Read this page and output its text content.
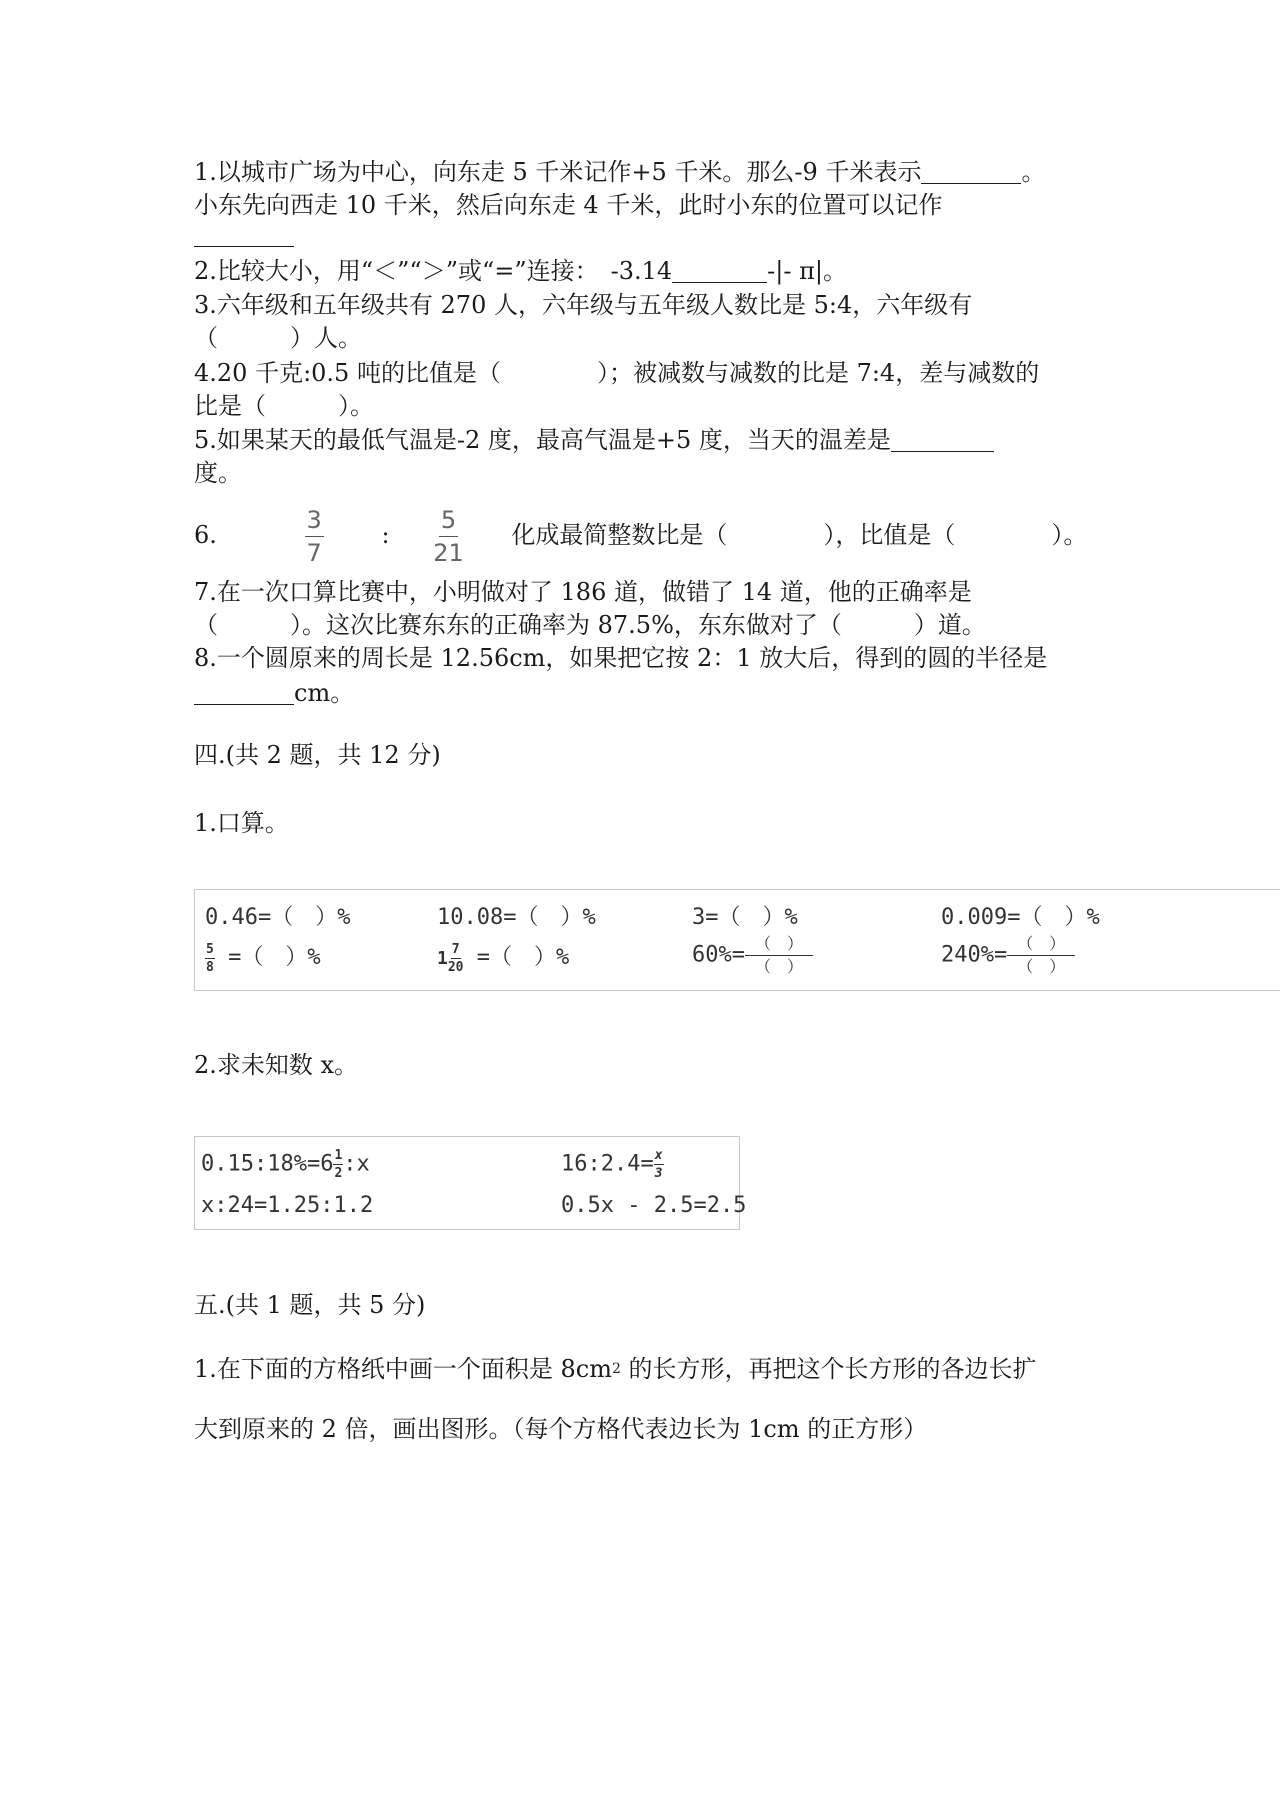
1.以城市广场为中心，向东走 5 千米记作+5 千米。那么-9 千米表示	。
小东先向西走 10 千米，然后向东走 4 千米，此时小东的位置可以记作
2.比较大小，用“＜”“＞”或“=”连接：　-3.14	-|- π|。
3.六年级和五年级共有 270 人，六年级与五年级人数比是 5:4，六年级有
（　　　）人。
4.20 千克:0.5 吨的比值是（　　　　）；被减数与减数的比是 7:4，差与减数的
比是（　　　）。
5.如果某天的最低气温是-2 度，最高气温是+5 度，当天的温差是
度。
6.	$\frac{3}{7}$ : $\frac{5}{21}$ 化成最简整数比是（　　　　），比值是（　　　　）。
7.在一次口算比赛中，小明做对了 186 道，做错了 14 道，他的正确率是
（　　　）。这次比赛东东的正确率为 87.5%，东东做对了（　　　）道。
8.一个圆原来的周长是 12.56cm，如果把它按 2：1 放大后，得到的圆的半径是
cm。
四.(共 2 题，共 12 分)
1.口算。
0.46=（　）%	10.08=（　）%	3=（　）%	0.009=（　）%
$\frac{5}{8}$ =（　）%	$1 \frac{7}{20}$ =（　）%	$60\%= \frac{( )}{( )}$	$240\%= \frac{( )}{( )}$
2.求未知数 x。
0.15:18%=6 $\frac{1}{2}$ :x	16:2.4= $\frac{x}{3}$
x:24=1.25:1.2	0.5x - 2.5=2.5
五.(共 1 题，共 5 分)
1.在下面的方格纸中画一个面积是 8cm2 的长方形，再把这个长方形的各边长扩
大到原来的 2 倍，画出图形。（每个方格代表边长为 1cm 的正方形）
